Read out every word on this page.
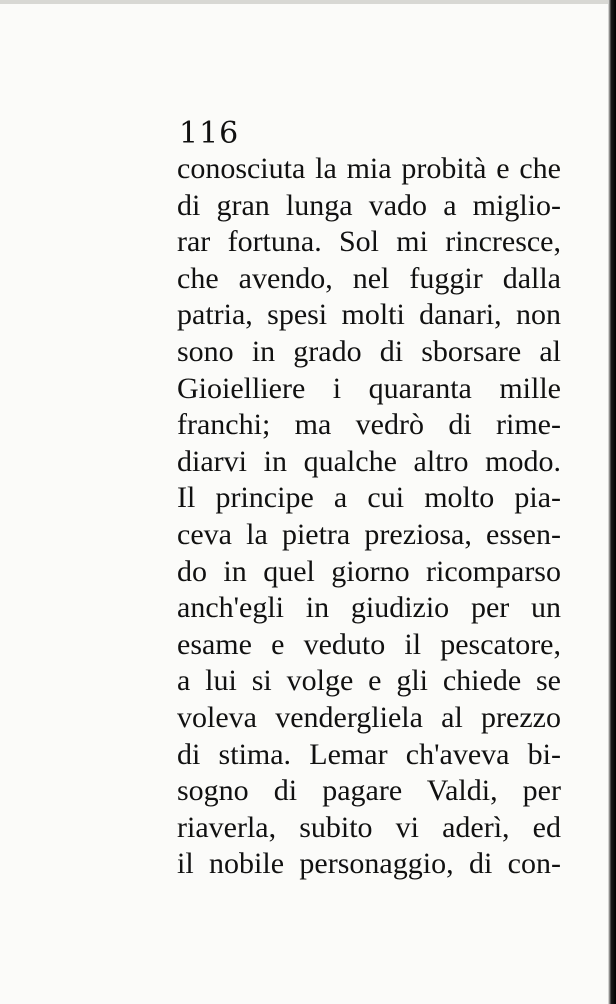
116
conosciuta la mia probità e che
di gran lunga vado a miglio-
rar fortuna. Sol mi rincresce,
che avendo, nel fuggir dalla
patria, spesi molti danari, non
sono in grado di sborsare al
Gioielliere i quaranta mille
franchi; ma vedrò di rime-
diarvi in qualche altro modo.
Il principe a cui molto pia-
ceva la pietra preziosa, essen-
do in quel giorno ricomparso
anch'egli in giudizio per un
esame e veduto il pescatore,
a lui si volge e gli chiede se
voleva vendergliela al prezzo
di stima. Lemar ch'aveva bi-
sogno di pagare Valdi, per
riaverla, subito vi aderì, ed
il nobile personaggio, di con-
